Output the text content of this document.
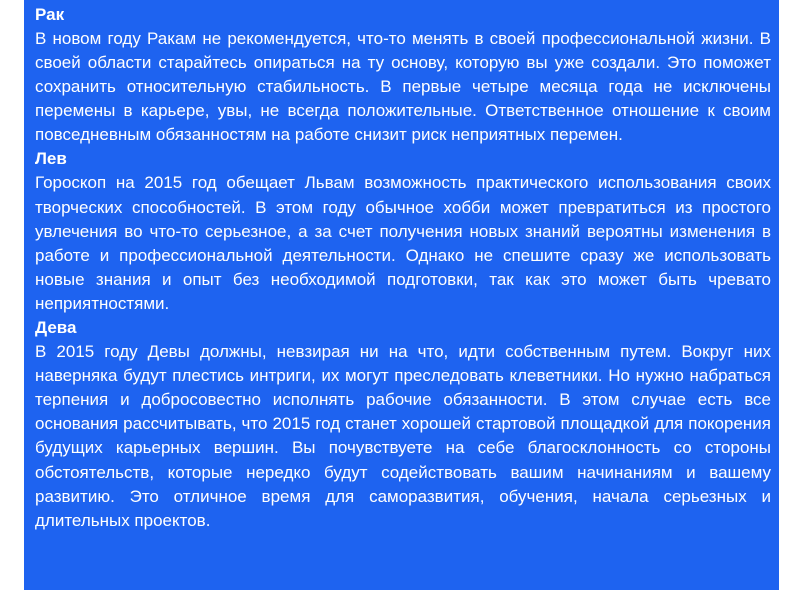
Рак

В новом году Ракам не рекомендуется, что-то менять в своей профессиональной жизни. В своей области старайтесь опираться на ту основу, которую вы уже создали. Это поможет сохранить относительную стабильность. В первые четыре месяца года не исключены перемены в карьере, увы, не всегда положительные. Ответственное отношение к своим повседневным обязанностям на работе снизит риск неприятных перемен.

Лев

Гороскоп на 2015 год обещает Львам возможность практического использования своих творческих способностей. В этом году обычное хобби может превратиться из простого увлечения во что-то серьезное, а за счет получения новых знаний вероятны изменения в работе и профессиональной деятельности. Однако не спешите сразу же использовать новые знания и опыт без необходимой подготовки, так как это может быть чревато неприятностями.

Дева

В 2015 году Девы должны, невзирая ни на что, идти собственным путем. Вокруг них наверняка будут плестись интриги, их могут преследовать клеветники. Но нужно набраться терпения и добросовестно исполнять рабочие обязанности. В этом случае есть все основания рассчитывать, что 2015 год станет хорошей стартовой площадкой для покорения будущих карьерных вершин. Вы почувствуете на себе благосклонность со стороны обстоятельств, которые нередко будут содействовать вашим начинаниям и вашему развитию. Это отличное время для саморазвития, обучения, начала серьезных и длительных проектов.
